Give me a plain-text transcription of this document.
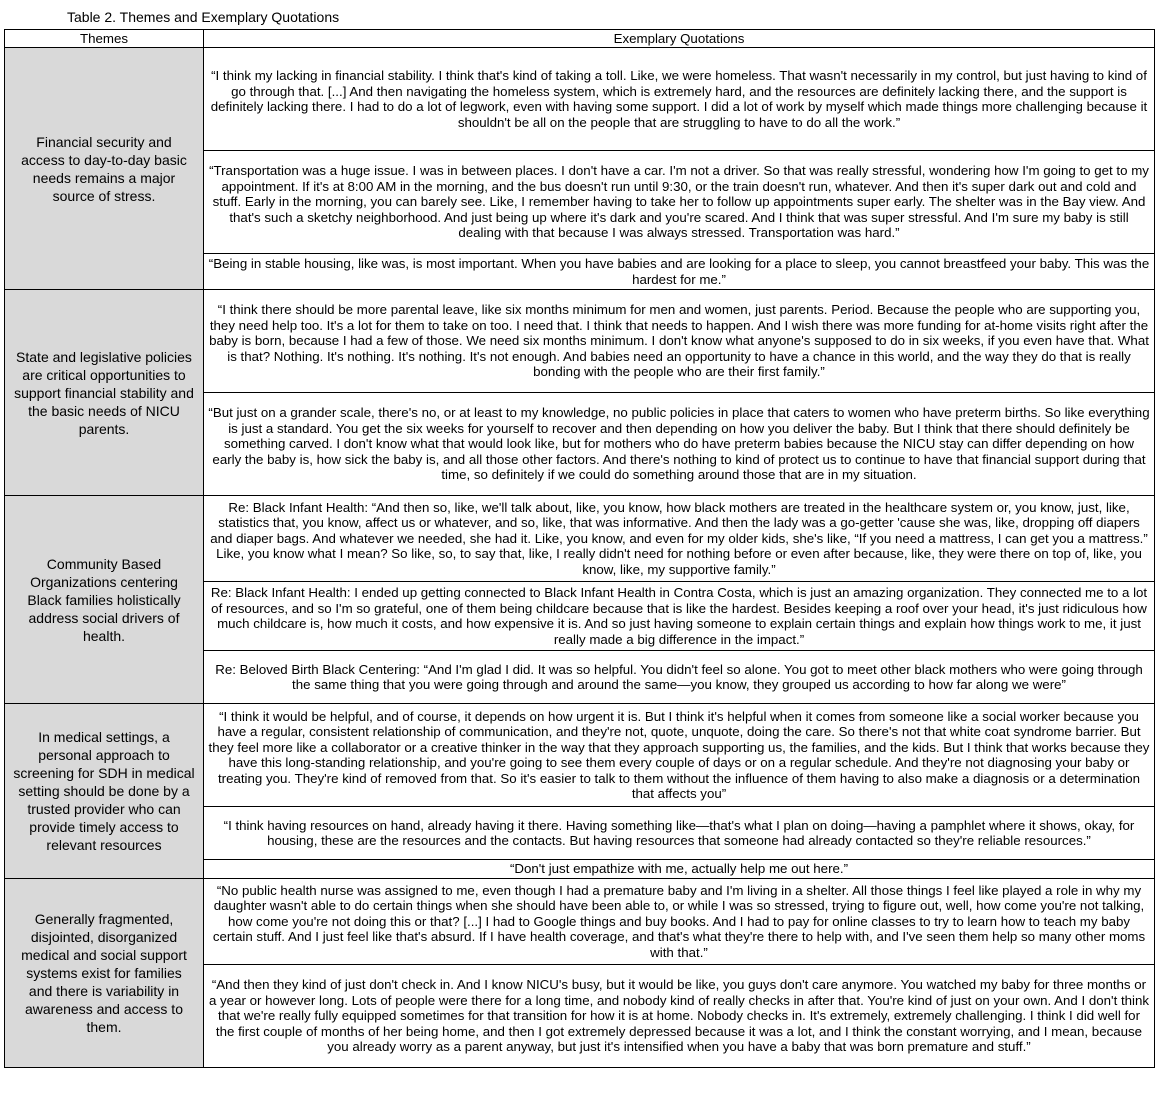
Table 2. Themes and Exemplary Quotations
Themes	Exemplary Quotations
Financial security and access to day-to-day basic needs remains a major source of stress.	“I think my lacking in financial stability. I think that's kind of taking a toll. Like, we were homeless. That wasn't necessarily in my control, but just having to kind of go through that. [...] And then navigating the homeless system, which is extremely hard, and the resources are definitely lacking there, and the support is definitely lacking there. I had to do a lot of legwork, even with having some support. I did a lot of work by myself which made things more challenging because it shouldn't be all on the people that are struggling to have to do all the work.”
	“Transportation was a huge issue. I was in between places. I don't have a car. I'm not a driver. So that was really stressful, wondering how I'm going to get to my appointment. If it's at 8:00 AM in the morning, and the bus doesn't run until 9:30, or the train doesn't run, whatever. And then it's super dark out and cold and stuff. Early in the morning, you can barely see. Like, I remember having to take her to follow up appointments super early. The shelter was in the Bay view. And that's such a sketchy neighborhood. And just being up where it's dark and you're scared. And I think that was super stressful. And I'm sure my baby is still dealing with that because I was always stressed. Transportation was hard.”
	“Being in stable housing, like was, is most important. When you have babies and are looking for a place to sleep, you cannot breastfeed your baby. This was the hardest for me.”
State and legislative policies are critical opportunities to support financial stability and the basic needs of NICU parents.	“I think there should be more parental leave, like six months minimum for men and women, just parents. Period. Because the people who are supporting you, they need help too. It's a lot for them to take on too. I need that. I think that needs to happen. And I wish there was more funding for at-home visits right after the baby is born, because I had a few of those. We need six months minimum. I don't know what anyone's supposed to do in six weeks, if you even have that. What is that? Nothing. It's nothing. It's nothing. It's not enough. And babies need an opportunity to have a chance in this world, and the way they do that is really bonding with the people who are their first family.”
	“But just on a grander scale, there's no, or at least to my knowledge, no public policies in place that caters to women who have preterm births. So like everything is just a standard. You get the six weeks for yourself to recover and then depending on how you deliver the baby. But I think that there should definitely be something carved. I don't know what that would look like, but for mothers who do have preterm babies because the NICU stay can differ depending on how early the baby is, how sick the baby is, and all those other factors. And there's nothing to kind of protect us to continue to have that financial support during that time, so definitely if we could do something around those that are in my situation.
Community Based Organizations centering Black families holistically address social drivers of health.	Re: Black Infant Health: “And then so, like, we'll talk about, like, you know, how black mothers are treated in the healthcare system or, you know, just, like, statistics that, you know, affect us or whatever, and so, like, that was informative. And then the lady was a go-getter 'cause she was, like, dropping off diapers and diaper bags. And whatever we needed, she had it. Like, you know, and even for my older kids, she's like, “If you need a mattress, I can get you a mattress.” Like, you know what I mean? So like, so, to say that, like, I really didn't need for nothing before or even after because, like, they were there on top of, like, you know, like, my supportive family.”
	Re: Black Infant Health: I ended up getting connected to Black Infant Health in Contra Costa, which is just an amazing organization. They connected me to a lot of resources, and so I'm so grateful, one of them being childcare because that is like the hardest. Besides keeping a roof over your head, it's just ridiculous how much childcare is, how much it costs, and how expensive it is. And so just having someone to explain certain things and explain how things work to me, it just really made a big difference in the impact.”
	Re: Beloved Birth Black Centering: “And I'm glad I did. It was so helpful. You didn't feel so alone. You got to meet other black mothers who were going through the same thing that you were going through and around the same—you know, they grouped us according to how far along we were”
In medical settings, a personal approach to screening for SDH in medical setting should be done by a trusted provider who can provide timely access to relevant resources	“I think it would be helpful, and of course, it depends on how urgent it is. But I think it's helpful when it comes from someone like a social worker because you have a regular, consistent relationship of communication, and they're not, quote, unquote, doing the care. So there's not that white coat syndrome barrier. But they feel more like a collaborator or a creative thinker in the way that they approach supporting us, the families, and the kids. But I think that works because they have this long-standing relationship, and you're going to see them every couple of days or on a regular schedule. And they're not diagnosing your baby or treating you. They're kind of removed from that. So it's easier to talk to them without the influence of them having to also make a diagnosis or a determination that affects you”
	“I think having resources on hand, already having it there. Having something like—that's what I plan on doing—having a pamphlet where it shows, okay, for housing, these are the resources and the contacts. But having resources that someone had already contacted so they're reliable resources.”
	“Don't just empathize with me, actually help me out here.”
Generally fragmented, disjointed, disorganized medical and social support systems exist for families and there is variability in awareness and access to them.	“No public health nurse was assigned to me, even though I had a premature baby and I'm living in a shelter. All those things I feel like played a role in why my daughter wasn't able to do certain things when she should have been able to, or while I was so stressed, trying to figure out, well, how come you're not talking, how come you're not doing this or that? [...] I had to Google things and buy books. And I had to pay for online classes to try to learn how to teach my baby certain stuff. And I just feel like that's absurd. If I have health coverage, and that's what they're there to help with, and I've seen them help so many other moms with that.”
	“And then they kind of just don't check in. And I know NICU's busy, but it would be like, you guys don't care anymore. You watched my baby for three months or a year or however long. Lots of people were there for a long time, and nobody kind of really checks in after that. You're kind of just on your own. And I don't think that we're really fully equipped sometimes for that transition for how it is at home. Nobody checks in. It's extremely, extremely challenging. I think I did well for the first couple of months of her being home, and then I got extremely depressed because it was a lot, and I think the constant worrying, and I mean, because you already worry as a parent anyway, but just it's intensified when you have a baby that was born premature and stuff.”
